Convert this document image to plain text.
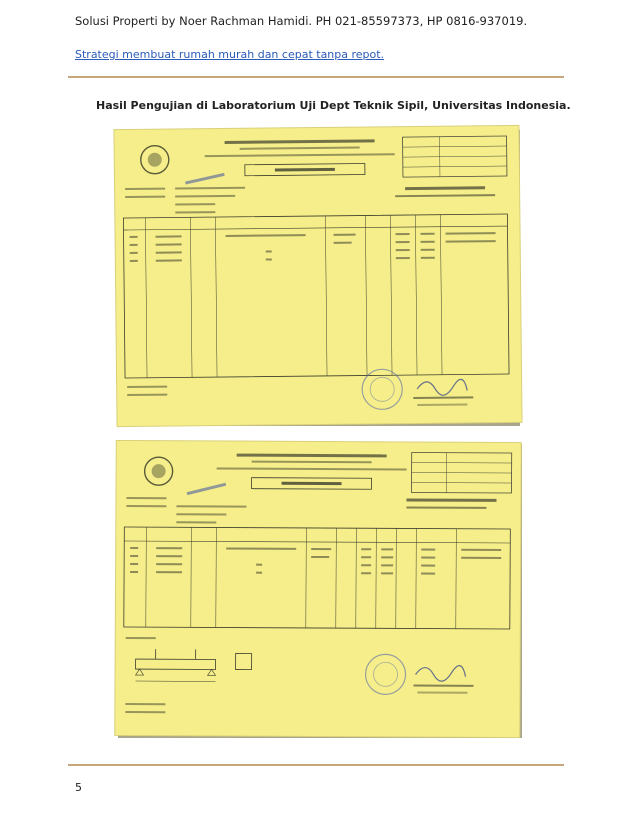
Solusi Properti by Noer Rachman Hamidi. PH 021-85597373, HP 0816-937019.
Strategi membuat rumah murah dan cepat tanpa repot.
Hasil Pengujian di Laboratorium Uji Dept Teknik Sipil, Universitas Indonesia.
5
